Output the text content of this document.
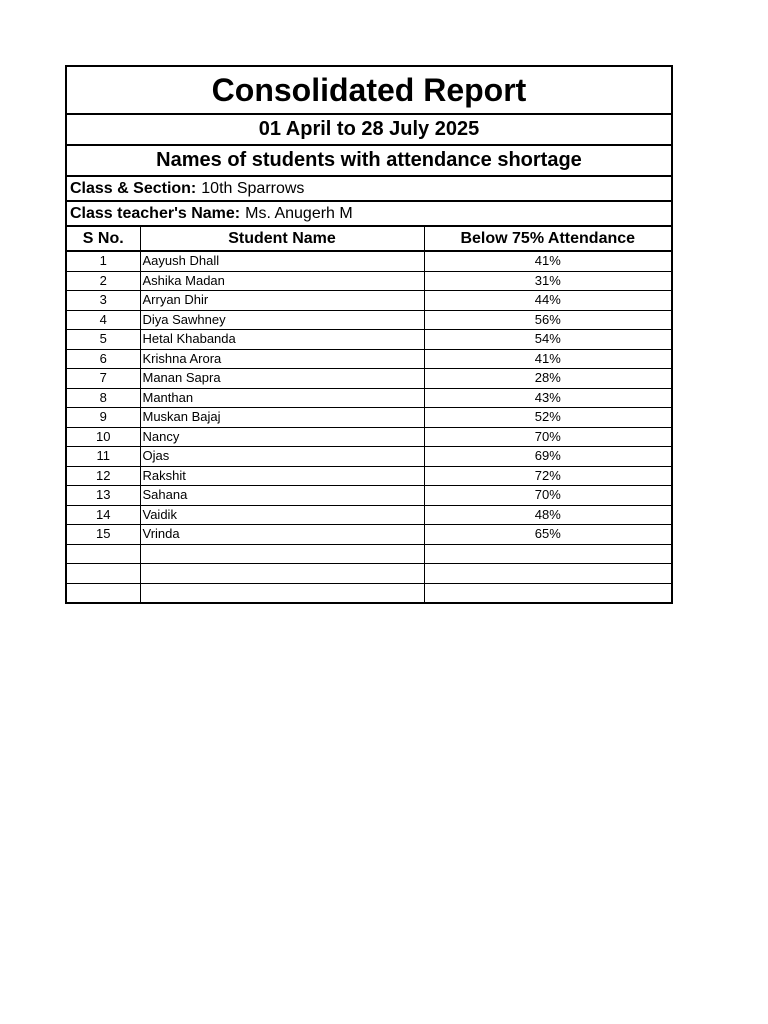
Consolidated Report
01 April to 28 July 2025
Names of students with attendance shortage
Class & Section: 10th Sparrows
Class teacher's Name: Ms. Anugerh M
S No.	Student Name	Below 75% Attendance
1	Aayush Dhall	41%
2	Ashika Madan	31%
3	Arryan Dhir	44%
4	Diya Sawhney	56%
5	Hetal Khabanda	54%
6	Krishna Arora	41%
7	Manan Sapra	28%
8	Manthan	43%
9	Muskan Bajaj	52%
10	Nancy	70%
11	Ojas	69%
12	Rakshit	72%
13	Sahana	70%
14	Vaidik	48%
15	Vrinda	65%
